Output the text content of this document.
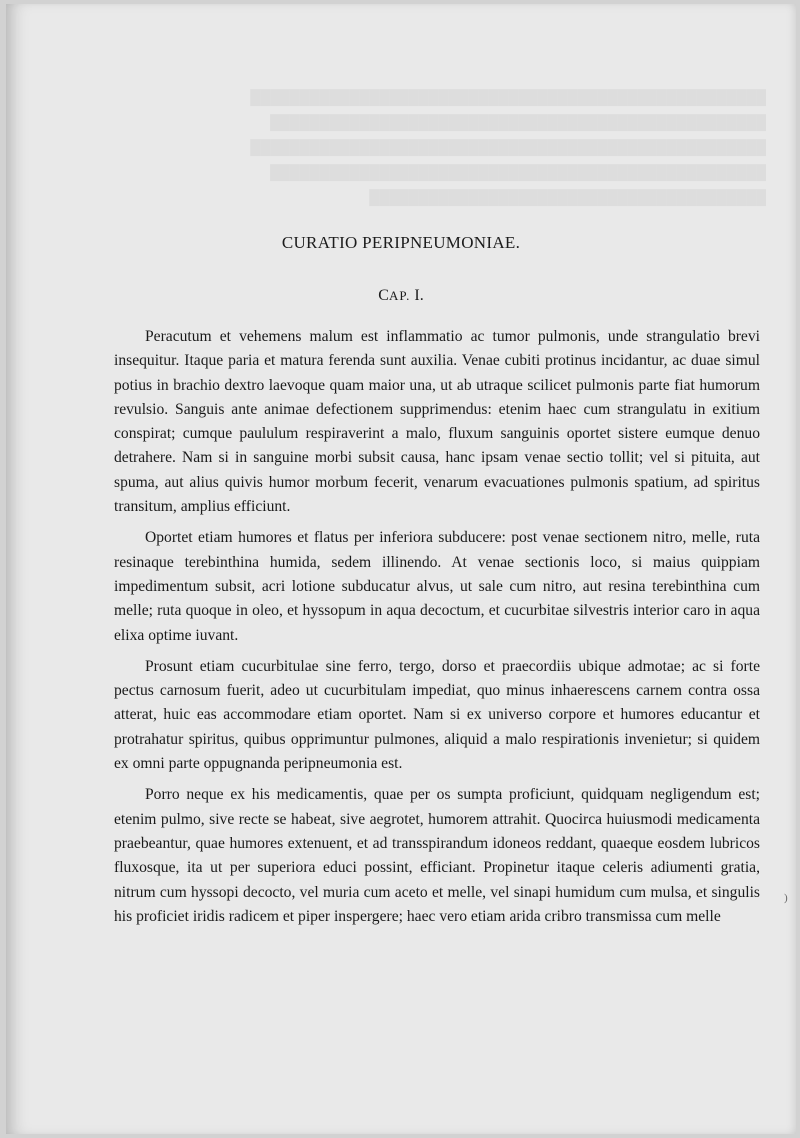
████████████████████████████████████████████████████
██████████████████████████████████████████████████
████████████████████████████████████████████████████
██████████████████████████████████████████████████
████████████████████████████████████████
CURATIO PERIPNEUMONIAE.
CAP. I.

Peracutum et vehemens malum est inflammatio ac tumor pulmonis, unde strangulatio brevi insequitur. Itaque paria et matura ferenda sunt auxilia. Venae cubiti protinus incidantur, ac duae simul potius in brachio dextro laevoque quam maior una, ut ab utraque scilicet pulmonis parte fiat humorum revulsio. Sanguis ante animae defectionem supprimendus: etenim haec cum strangulatu in exitium conspirat; cumque paululum respiraverint a malo, fluxum sanguinis oportet sistere eumque denuo detrahere. Nam si in sanguine morbi subsit causa, hanc ipsam venae sectio tollit; vel si pituita, aut spuma, aut alius quivis humor morbum fecerit, venarum evacuationes pulmonis spatium, ad spiritus transitum, amplius efficiunt.

Oportet etiam humores et flatus per inferiora subducere: post venae sectionem nitro, melle, ruta resinaque terebinthina humida, sedem illinendo. At venae sectionis loco, si maius quippiam impedimentum subsit, acri lotione subducatur alvus, ut sale cum nitro, aut resina terebinthina cum melle; ruta quoque in oleo, et hyssopum in aqua decoctum, et cucurbitae silvestris interior caro in aqua elixa optime iuvant.

Prosunt etiam cucurbitulae sine ferro, tergo, dorso et praecordiis ubique admotae; ac si forte pectus carnosum fuerit, adeo ut cucurbitulam impediat, quo minus inhaerescens carnem contra ossa atterat, huic eas accommodare etiam oportet. Nam si ex universo corpore et humores educantur et protrahatur spiritus, quibus opprimuntur pulmones, aliquid a malo respirationis invenietur; si quidem ex omni parte oppugnanda peripneumonia est.

Porro neque ex his medicamentis, quae per os sumpta proficiunt, quidquam negligendum est; etenim pulmo, sive recte se habeat, sive aegrotet, humorem attrahit. Quocirca huiusmodi medicamenta praebeantur, quae humores extenuent, et ad transspirandum idoneos reddant, quaeque eosdem lubricos fluxosque, ita ut per superiora educi possint, efficiant. Propinetur itaque celeris adiumenti gratia, nitrum cum hyssopi decocto, vel muria cum aceto et melle, vel sinapi humidum cum mulsa, et singulis his proficiet iridis radicem et piper inspergere; haec vero etiam arida cribro transmissa cum melle

)
